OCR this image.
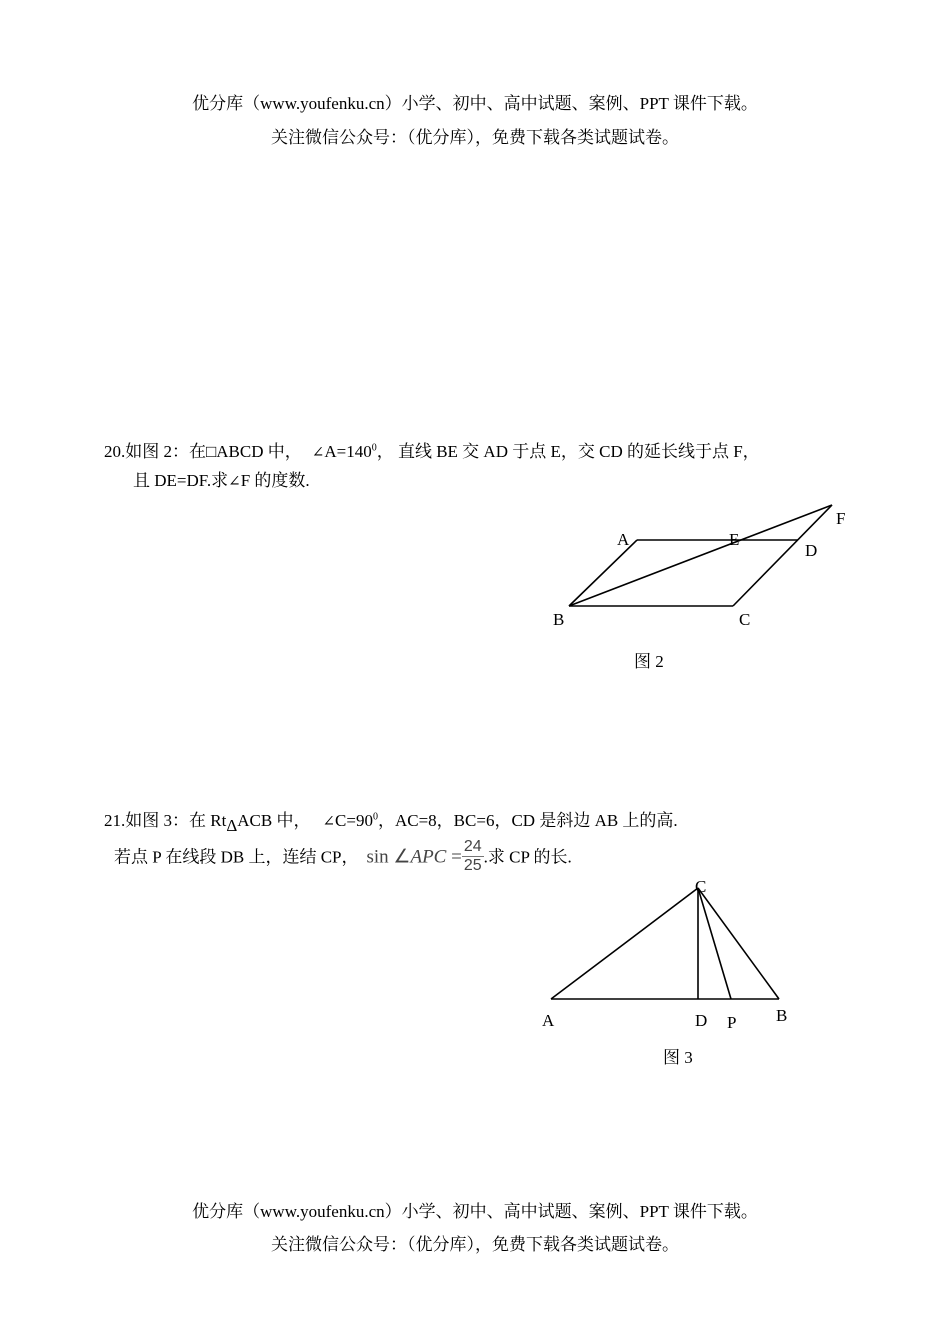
优分库（www.youfenku.cn）小学、初中、高中试题、案例、PPT 课件下载。
关注微信公众号：（优分库），免费下载各类试题试卷。
20.如图 2：在□ABCD 中， $\angle A=140^0$， 直线 BE 交 AD 于点 E，交 CD 的延长线于点 F，
且 DE=DF.求∠F 的度数.
A	E
D
F
B	C
图 2
21.如图 3：在 RtΔACB 中， $\angle C=90^0$，AC=8，BC=6，CD 是斜边 AB 上的高.
若点 P 在线段 DB 上，连结 CP， sin ∠APC = $\frac{24}{25}$ .求 CP 的长.
C
A	D P B
图 3
优分库（www.youfenku.cn）小学、初中、高中试题、案例、PPT 课件下载。
关注微信公众号：（优分库），免费下载各类试题试卷。
